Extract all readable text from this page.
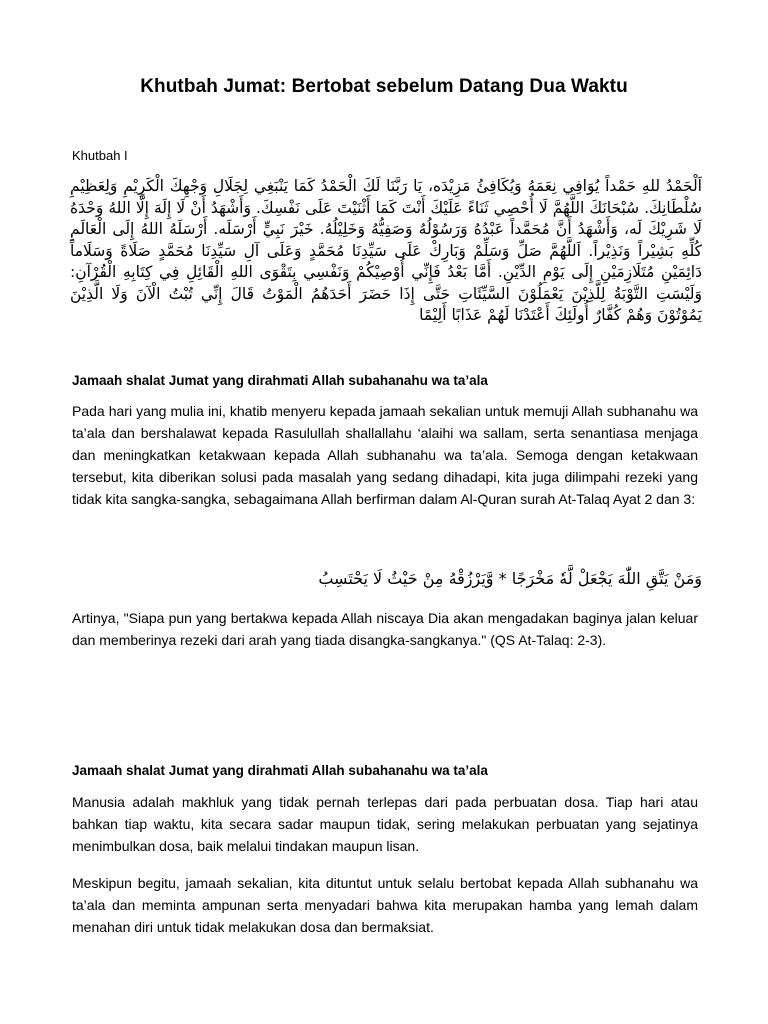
Khutbah Jumat: Bertobat sebelum Datang Dua Waktu
Khutbah I
اَلْحَمْدُ للهِ حَمْداً يُوَافِي نِعَمَهُ وَيُكَافِئُ مَزِيْدَه، يَا رَبَّنَا لَكَ الْحَمْدُ كَمَا يَنْبَغِي لِجَلَالِ وَجْهِكَ الْكَرِيْمِ وَلِعَظِيْمِ سُلْطَانِكَ. سُبْحَانَكَ اللَّهُمَّ لَا أُحْصِي ثَنَاءً عَلَيْكَ أَنْتَ كَمَا أَثْنَيْتَ عَلَى نَفْسِكَ. وَأَشْهَدُ أَنْ لَا إِلَهَ إِلَّا اللهُ وَحْدَهُ لَا شَرِيْكَ لَه، وَأَشْهَدُ أَنَّ مُحَمَّداً عَبْدُهُ وَرَسُوْلُهُ وَصَفِيُّهُ وَخَلِيْلُهُ. خَيْرَ نَبِيٍّ أَرْسَلَه. أَرْسَلَهُ اللهُ إِلَى الْعَالَمِ كُلِّهِ بَشِيْراً وَنَذِيْراً. اَللَّهُمَّ صَلِّ وَسَلِّمْ وَبَارِكْ عَلَى سَيِّدِنَا مُحَمَّدٍ وَعَلَى آلِ سَيِّدِنَا مُحَمَّدٍ صَلَاةً وَسَلَاماً دَائِمَيْنِ مُتَلَازِمَيْنِ إِلَى يَوْمِ الدِّيْنِ. أَمَّا بَعْدُ فَإِنِّي أُوْصِيْكُمْ وَنَفْسِي بِتَقْوَى اللهِ الْقَائِلِ فِي كِتَابِهِ الْقُرْآنِ: وَلَيْسَتِ التَّوْبَةُ لِلَّذِيْنَ يَعْمَلُوْنَ السَّيِّئَاتِ حَتَّى إِذَا حَضَرَ أَحَدَهُمُ الْمَوْتُ قَالَ إِنِّي تُبْتُ الْآنَ وَلَا الَّذِيْنَ يَمُوْتُوْنَ وَهُمْ كُفَّارٌ أُولَئِكَ أَعْتَدْنَا لَهُمْ عَذَابًا أَلِيْمًا
Jamaah shalat Jumat yang dirahmati Allah subahanahu wa ta’ala
Pada hari yang mulia ini, khatib menyeru kepada jamaah sekalian untuk memuji Allah subhanahu wa ta’ala dan bershalawat kepada Rasulullah shallallahu ‘alaihi wa sallam, serta senantiasa menjaga dan meningkatkan ketakwaan kepada Allah subhanahu wa ta’ala. Semoga dengan ketakwaan tersebut, kita diberikan solusi pada masalah yang sedang dihadapi, kita juga dilimpahi rezeki yang tidak kita sangka-sangka, sebagaimana Allah berfirman dalam Al-Quran surah At-Talaq Ayat 2 dan 3:
وَمَنْ يَتَّقِ اللّٰهَ يَجْعَلْ لَّهٗ مَخْرَجًا * وَّيَرْزُقْهُ مِنْ حَيْثُ لَا يَحْتَسِبُ
Artinya, "Siapa pun yang bertakwa kepada Allah niscaya Dia akan mengadakan baginya jalan keluar dan memberinya rezeki dari arah yang tiada disangka-sangkanya." (QS At-Talaq: 2-3).
Jamaah shalat Jumat yang dirahmati Allah subahanahu wa ta’ala
Manusia adalah makhluk yang tidak pernah terlepas dari pada perbuatan dosa. Tiap hari atau bahkan tiap waktu, kita secara sadar maupun tidak, sering melakukan perbuatan yang sejatinya menimbulkan dosa, baik melalui tindakan maupun lisan.
Meskipun begitu, jamaah sekalian, kita dituntut untuk selalu bertobat kepada Allah subhanahu wa ta’ala dan meminta ampunan serta menyadari bahwa kita merupakan hamba yang lemah dalam menahan diri untuk tidak melakukan dosa dan bermaksiat.
